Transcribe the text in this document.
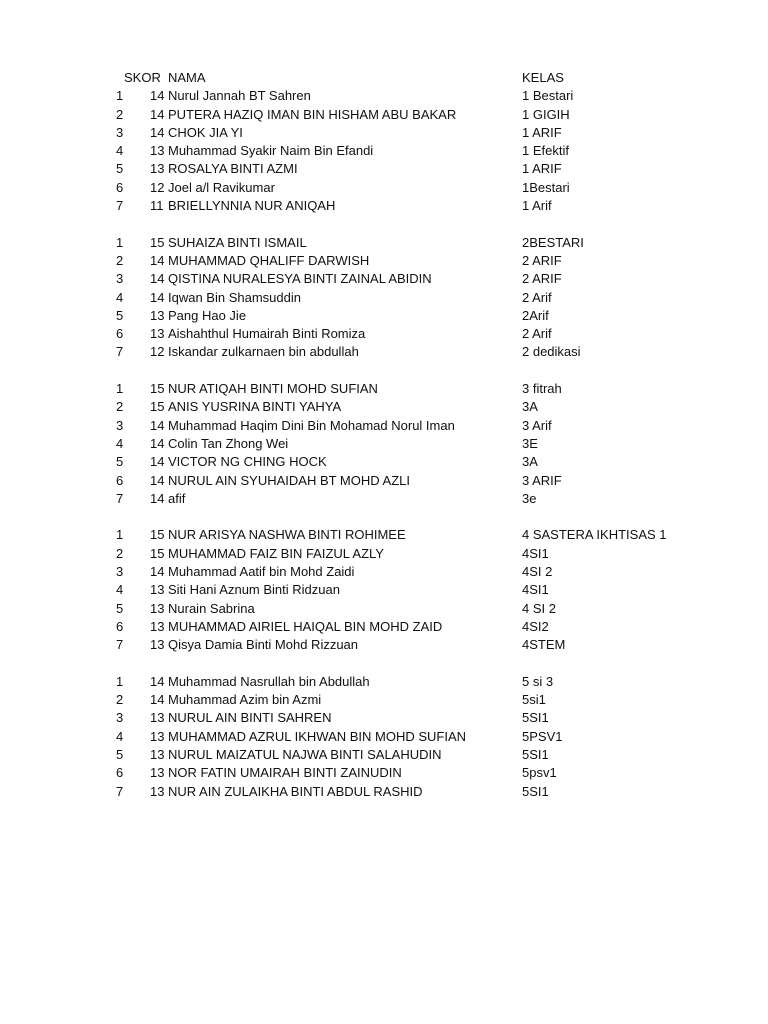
SKOR NAMA	KELAS
1 14 Nurul Jannah BT Sahren	1 Bestari
2 14 PUTERA HAZIQ IMAN BIN HISHAM ABU BAKAR	1 GIGIH
3 14 CHOK JIA YI	1 ARIF
4 13 Muhammad Syakir Naim Bin Efandi	1 Efektif
5 13 ROSALYA BINTI AZMI	1 ARIF
6 12 Joel a/l Ravikumar	1Bestari
7 11 BRIELLYNNIA NUR ANIQAH	1 Arif
1 15 SUHAIZA BINTI ISMAIL	2BESTARI
2 14 MUHAMMAD QHALIFF DARWISH	2 ARIF
3 14 QISTINA NURALESYA BINTI ZAINAL ABIDIN	2 ARIF
4 14 Iqwan Bin Shamsuddin	2 Arif
5 13 Pang Hao Jie	2Arif
6 13 Aishahthul Humairah Binti Romiza	2 Arif
7 12 Iskandar zulkarnaen bin abdullah	2 dedikasi
1 15 NUR ATIQAH BINTI MOHD SUFIAN	3 fitrah
2 15 ANIS YUSRINA BINTI YAHYA	3A
3 14 Muhammad Haqim Dini Bin Mohamad Norul Iman	3 Arif
4 14 Colin Tan Zhong Wei	3E
5 14 VICTOR NG CHING HOCK	3A
6 14 NURUL AIN SYUHAIDAH BT MOHD AZLI	3 ARIF
7 14 afif	3e
1 15 NUR ARISYA NASHWA BINTI ROHIMEE	4 SASTERA IKHTISAS 1
2 15 MUHAMMAD FAIZ BIN FAIZUL AZLY	4SI1
3 14 Muhammad Aatif bin Mohd Zaidi	4SI 2
4 13 Siti Hani Aznum Binti Ridzuan	4SI1
5 13 Nurain Sabrina	4 SI 2
6 13 MUHAMMAD AIRIEL HAIQAL BIN MOHD ZAID	4SI2
7 13 Qisya Damia Binti Mohd Rizzuan	4STEM
1 14 Muhammad Nasrullah bin Abdullah	5 si 3
2 14 Muhammad Azim bin Azmi	5si1
3 13 NURUL AIN BINTI SAHREN	5SI1
4 13 MUHAMMAD AZRUL IKHWAN BIN MOHD SUFIAN	5PSV1
5 13 NURUL MAIZATUL NAJWA BINTI SALAHUDIN	5SI1
6 13 NOR FATIN UMAIRAH BINTI ZAINUDIN	5psv1
7 13 NUR AIN ZULAIKHA BINTI ABDUL RASHID	5SI1
